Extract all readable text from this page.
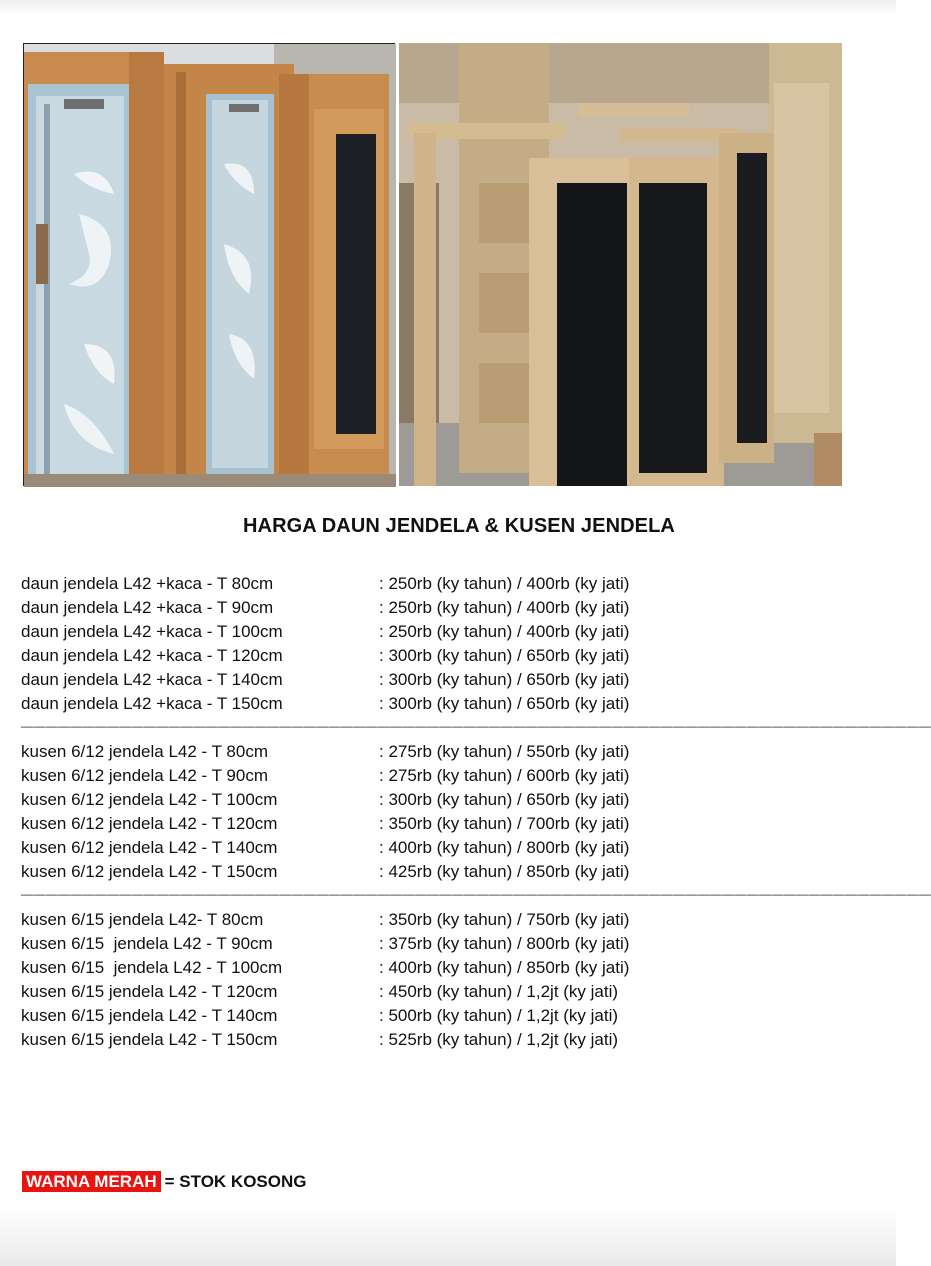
HARGA DAUN JENDELA & KUSEN JENDELA
daun jendela L42 +kaca - T 80cm	: 250rb (ky tahun) / 400rb (ky jati)
daun jendela L42 +kaca - T 90cm	: 250rb (ky tahun) / 400rb (ky jati)
daun jendela L42 +kaca - T 100cm	: 250rb (ky tahun) / 400rb (ky jati)
daun jendela L42 +kaca - T 120cm	: 300rb (ky tahun) / 650rb (ky jati)
daun jendela L42 +kaca - T 140cm	: 300rb (ky tahun) / 650rb (ky jati)
daun jendela L42 +kaca - T 150cm	: 300rb (ky tahun) / 650rb (ky jati)
——————————————————————————————————————————————————————————————————————————
kusen 6/12 jendela L42 - T 80cm	: 275rb (ky tahun) / 550rb (ky jati)
kusen 6/12 jendela L42 - T 90cm	: 275rb (ky tahun) / 600rb (ky jati)
kusen 6/12 jendela L42 - T 100cm	: 300rb (ky tahun) / 650rb (ky jati)
kusen 6/12 jendela L42 - T 120cm	: 350rb (ky tahun) / 700rb (ky jati)
kusen 6/12 jendela L42 - T 140cm	: 400rb (ky tahun) / 800rb (ky jati)
kusen 6/12 jendela L42 - T 150cm	: 425rb (ky tahun) / 850rb (ky jati)
——————————————————————————————————————————————————————————————————————————
kusen 6/15 jendela L42- T 80cm	: 350rb (ky tahun) / 750rb (ky jati)
kusen 6/15  jendela L42 - T 90cm	: 375rb (ky tahun) / 800rb (ky jati)
kusen 6/15  jendela L42 - T 100cm	: 400rb (ky tahun) / 850rb (ky jati)
kusen 6/15 jendela L42 - T 120cm	: 450rb (ky tahun) / 1,2jt (ky jati)
kusen 6/15 jendela L42 - T 140cm	: 500rb (ky tahun) / 1,2jt (ky jati)
kusen 6/15 jendela L42 - T 150cm	: 525rb (ky tahun) / 1,2jt (ky jati)
WARNA MERAH = STOK KOSONG
